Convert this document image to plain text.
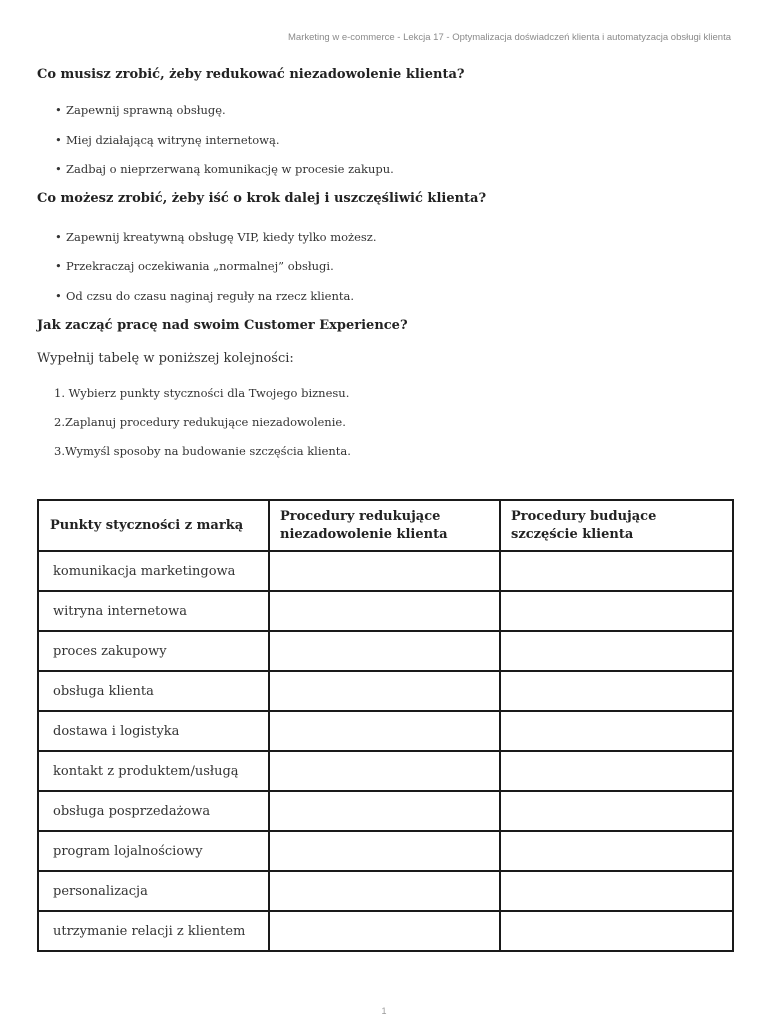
Marketing w e-commerce - Lekcja 17 - Optymalizacja doświadczeń klienta i automatyzacja obsługi klienta
Co musisz zrobić, żeby redukować niezadowolenie klienta?
• Zapewnij sprawną obsługę.
• Miej działającą witrynę internetową.
• Zadbaj o nieprzerwaną komunikację w procesie zakupu.
Co możesz zrobić, żeby iść o krok dalej i uszczęśliwić klienta?
• Zapewnij kreatywną obsługę VIP, kiedy tylko możesz.
• Przekraczaj oczekiwania „normalnej” obsługi.
• Od czsu do czasu naginaj reguły na rzecz klienta.
Jak zacząć pracę nad swoim Customer Experience?

Wypełnij tabelę w poniższej kolejności:

1. Wybierz punkty styczności dla Twojego biznesu.
2.Zaplanuj procedury redukujące niezadowolenie.
3.Wymyśl sposoby na budowanie szczęścia klienta.
Punkty styczności z marką	Procedury redukujące niezadowolenie klienta	Procedury budujące szczęście klienta
komunikacja marketingowa		
witryna internetowa		
proces zakupowy		
obsługa klienta		
dostawa i logistyka		
kontakt z produktem/usługą		
obsługa posprzedażowa		
program lojalnościowy		
personalizacja		
utrzymanie relacji z klientem		
1
